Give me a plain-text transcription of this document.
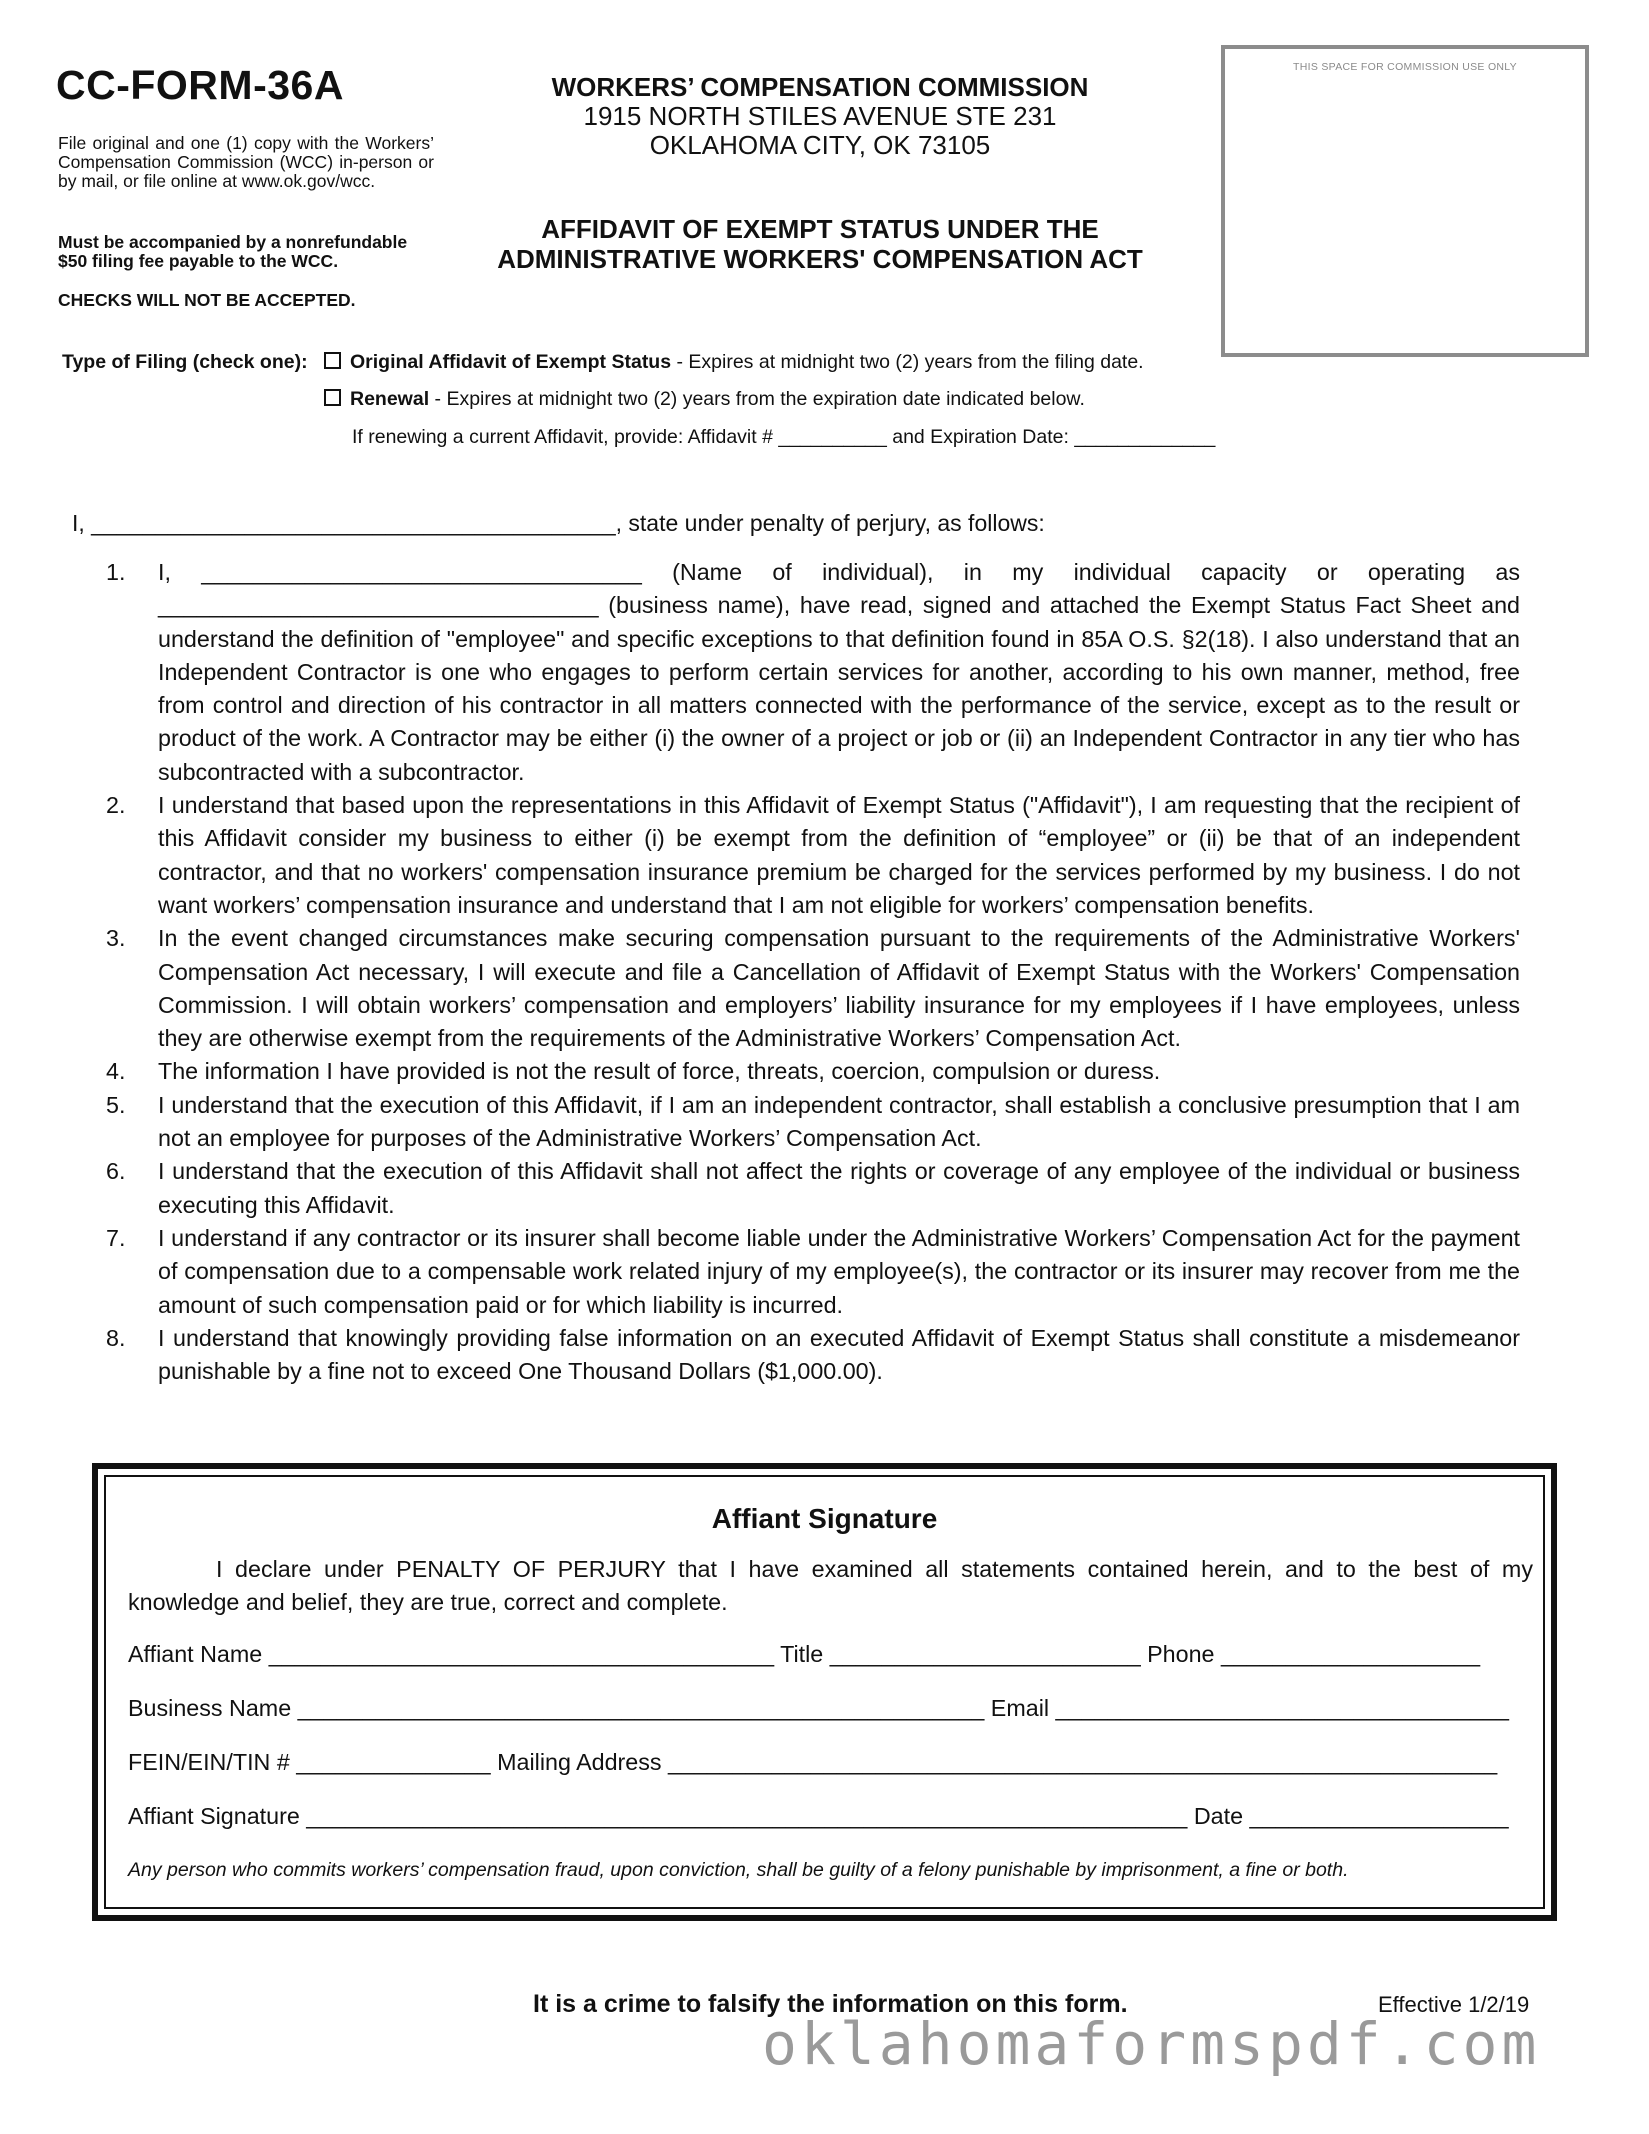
CC-FORM-36A
File original and one (1) copy with the Workers’ Compensation Commission (WCC) in-person or by mail, or file online at www.ok.gov/wcc.
Must be accompanied by a nonrefundable
$50 filing fee payable to the WCC.
CHECKS WILL NOT BE ACCEPTED.
WORKERS’ COMPENSATION COMMISSION
1915 NORTH STILES AVENUE STE 231
OKLAHOMA CITY, OK 73105
AFFIDAVIT OF EXEMPT STATUS UNDER THE
ADMINISTRATIVE WORKERS' COMPENSATION ACT
THIS SPACE FOR COMMISSION USE ONLY
Type of Filing (check one):	Original Affidavit of Exempt Status - Expires at midnight two (2) years from the filing date.
Renewal - Expires at midnight two (2) years from the expiration date indicated below.
If renewing a current Affidavit, provide: Affidavit # __________ and Expiration Date: _____________
I, _________________________________________, state under penalty of perjury, as follows:
1. I, __________________________________ (Name of individual), in my individual capacity or operating as __________________________________ (business name), have read, signed and attached the Exempt Status Fact Sheet and understand the definition of "employee" and specific exceptions to that definition found in 85A O.S. §2(18). I also understand that an Independent Contractor is one who engages to perform certain services for another, according to his own manner, method, free from control and direction of his contractor in all matters connected with the performance of the service, except as to the result or product of the work. A Contractor may be either (i) the owner of a project or job or (ii) an Independent Contractor in any tier who has subcontracted with a subcontractor.
2. I understand that based upon the representations in this Affidavit of Exempt Status ("Affidavit"), I am requesting that the recipient of this Affidavit consider my business to either (i) be exempt from the definition of “employee” or (ii) be that of an independent contractor, and that no workers' compensation insurance premium be charged for the services performed by my business. I do not want workers’ compensation insurance and understand that I am not eligible for workers’ compensation benefits.
3. In the event changed circumstances make securing compensation pursuant to the requirements of the Administrative Workers' Compensation Act necessary, I will execute and file a Cancellation of Affidavit of Exempt Status with the Workers' Compensation Commission. I will obtain workers’ compensation and employers’ liability insurance for my employees if I have employees, unless they are otherwise exempt from the requirements of the Administrative Workers’ Compensation Act.
4. The information I have provided is not the result of force, threats, coercion, compulsion or duress.
5. I understand that the execution of this Affidavit, if I am an independent contractor, shall establish a conclusive presumption that I am not an employee for purposes of the Administrative Workers’ Compensation Act.
6. I understand that the execution of this Affidavit shall not affect the rights or coverage of any employee of the individual or business executing this Affidavit.
7. I understand if any contractor or its insurer shall become liable under the Administrative Workers’ Compensation Act for the payment of compensation due to a compensable work related injury of my employee(s), the contractor or its insurer may recover from me the amount of such compensation paid or for which liability is incurred.
8. I understand that knowingly providing false information on an executed Affidavit of Exempt Status shall constitute a misdemeanor punishable by a fine not to exceed One Thousand Dollars ($1,000.00).
Affiant Signature
I declare under PENALTY OF PERJURY that I have examined all statements contained herein, and to the best of my knowledge and belief, they are true, correct and complete.
Affiant Name _______________________________________ Title ________________________ Phone ____________________
Business Name _____________________________________________________ Email ___________________________________
FEIN/EIN/TIN # _______________ Mailing Address ________________________________________________________________
Affiant Signature ____________________________________________________________________ Date ____________________
Any person who commits workers’ compensation fraud, upon conviction, shall be guilty of a felony punishable by imprisonment, a fine or both.
It is a crime to falsify the information on this form.	Effective 1/2/19
oklahomaformspdf.com
